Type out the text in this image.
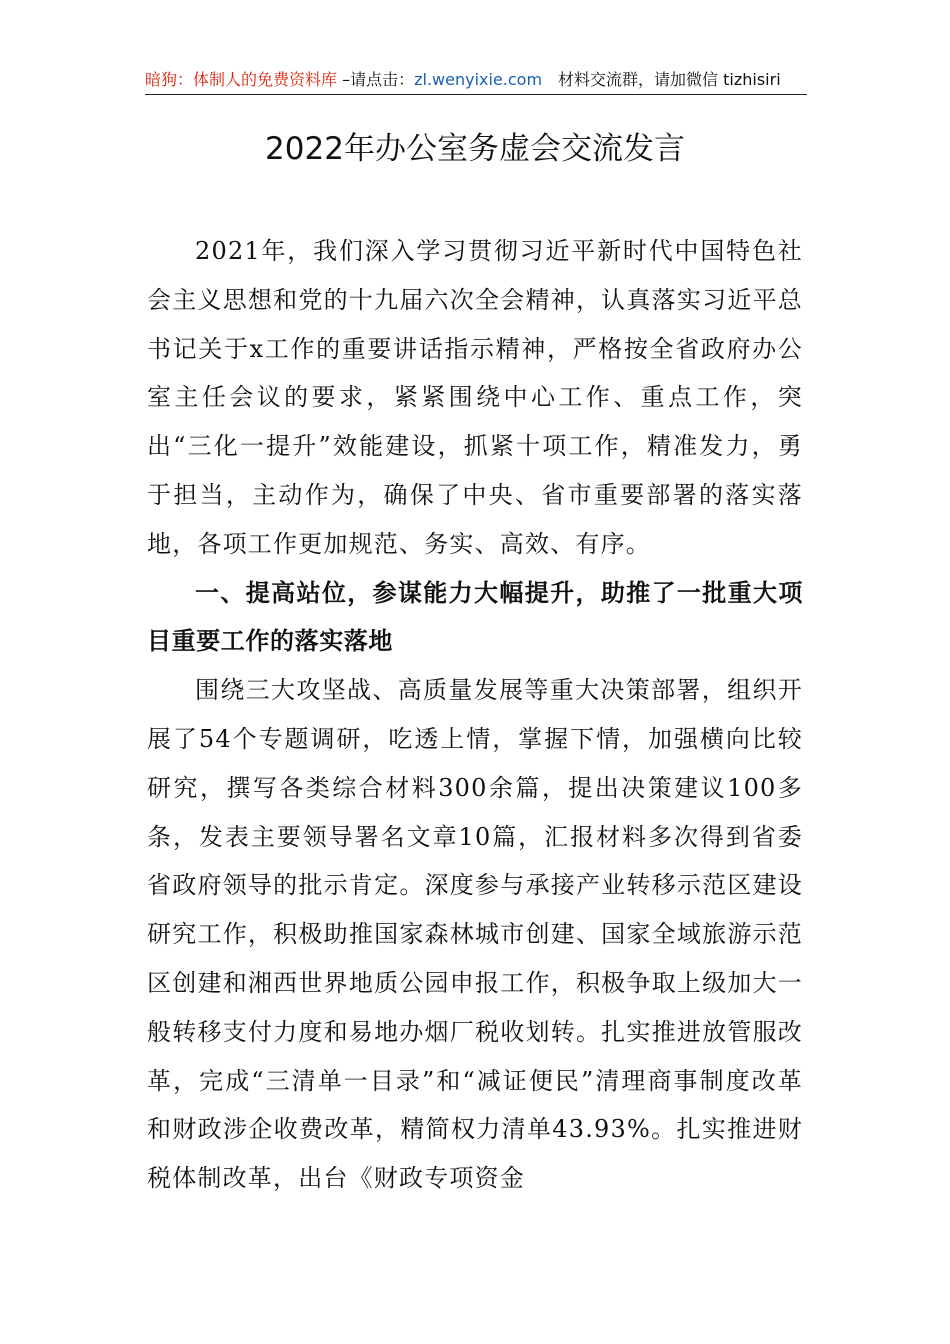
暗狗：体制人的免费资料库 –请点击：zl.wenyixie.com 材料交流群，请加微信 tizhisiri
2022年办公室务虚会交流发言

2021年，我们深入学习贯彻习近平新时代中国特色社会主义思想和党的十九届六次全会精神，认真落实习近平总书记关于x工作的重要讲话指示精神，严格按全省政府办公室主任会议的要求，紧紧围绕中心工作、重点工作，突出“三化一提升”效能建设，抓紧十项工作，精准发力，勇于担当，主动作为，确保了中央、省市重要部署的落实落地，各项工作更加规范、务实、高效、有序。

一、提高站位，参谋能力大幅提升，助推了一批重大项目重要工作的落实落地

围绕三大攻坚战、高质量发展等重大决策部署，组织开展了54个专题调研，吃透上情，掌握下情，加强横向比较研究，撰写各类综合材料300余篇，提出决策建议100多条，发表主要领导署名文章10篇，汇报材料多次得到省委省政府领导的批示肯定。深度参与承接产业转移示范区建设研究工作，积极助推国家森林城市创建、国家全域旅游示范区创建和湘西世界地质公园申报工作，积极争取上级加大一般转移支付力度和易地办烟厂税收划转。扎实推进放管服改革，完成“三清单一目录”和“减证便民”清理商事制度改革和财政涉企收费改革，精简权力清单43.93%。扎实推进财税体制改革，出台《财政专项资金
